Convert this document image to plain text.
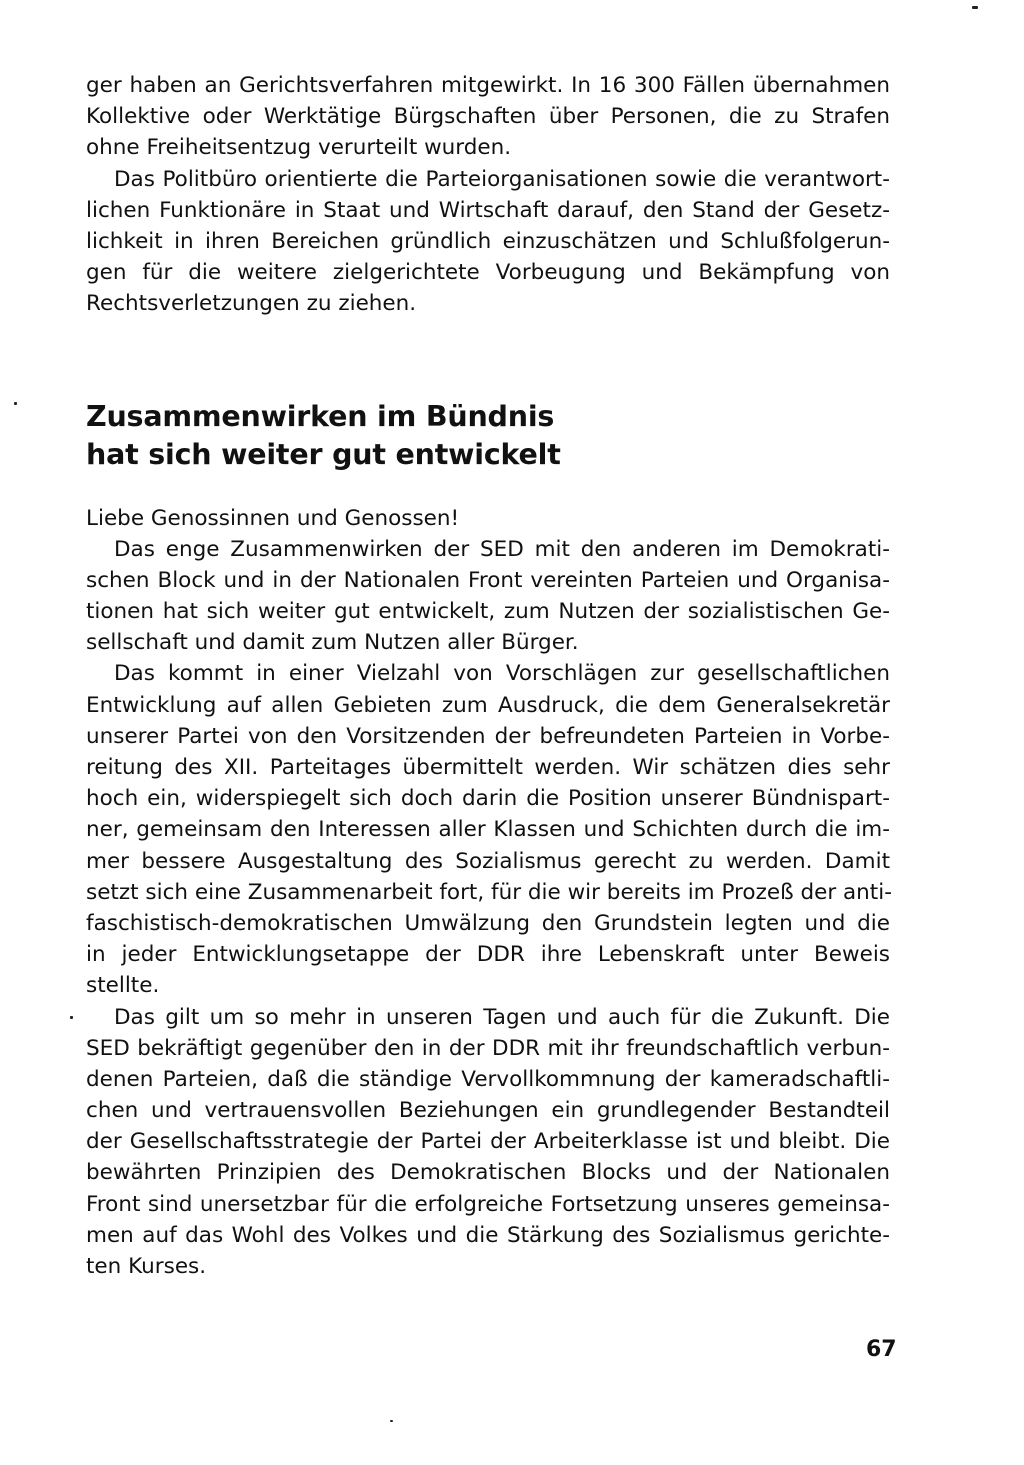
ger haben an Gerichtsverfahren mitgewirkt. In 16 300 Fällen übernahmen
Kollektive oder Werktätige Bürgschaften über Personen, die zu Strafen
ohne Freiheitsentzug verurteilt wurden.

Das Politbüro orientierte die Parteiorganisationen sowie die verantwort-
lichen Funktionäre in Staat und Wirtschaft darauf, den Stand der Gesetz-
lichkeit in ihren Bereichen gründlich einzuschätzen und Schlußfolgerun-
gen für die weitere zielgerichtete Vorbeugung und Bekämpfung von
Rechtsverletzungen zu ziehen.

Zusammenwirken im Bündnis
hat sich weiter gut entwickelt

Liebe Genossinnen und Genossen!

Das enge Zusammenwirken der SED mit den anderen im Demokrati-
schen Block und in der Nationalen Front vereinten Parteien und Organisa-
tionen hat sich weiter gut entwickelt, zum Nutzen der sozialistischen Ge-
sellschaft und damit zum Nutzen aller Bürger.

Das kommt in einer Vielzahl von Vorschlägen zur gesellschaftlichen
Entwicklung auf allen Gebieten zum Ausdruck, die dem Generalsekretär
unserer Partei von den Vorsitzenden der befreundeten Parteien in Vorbe-
reitung des XII. Parteitages übermittelt werden. Wir schätzen dies sehr
hoch ein, widerspiegelt sich doch darin die Position unserer Bündnispart-
ner, gemeinsam den Interessen aller Klassen und Schichten durch die im-
mer bessere Ausgestaltung des Sozialismus gerecht zu werden. Damit
setzt sich eine Zusammenarbeit fort, für die wir bereits im Prozeß der anti-
faschistisch-demokratischen Umwälzung den Grundstein legten und die
in jeder Entwicklungsetappe der DDR ihre Lebenskraft unter Beweis
stellte.

Das gilt um so mehr in unseren Tagen und auch für die Zukunft. Die
SED bekräftigt gegenüber den in der DDR mit ihr freundschaftlich verbun-
denen Parteien, daß die ständige Vervollkommnung der kameradschaftli-
chen und vertrauensvollen Beziehungen ein grundlegender Bestandteil
der Gesellschaftsstrategie der Partei der Arbeiterklasse ist und bleibt. Die
bewährten Prinzipien des Demokratischen Blocks und der Nationalen
Front sind unersetzbar für die erfolgreiche Fortsetzung unseres gemeinsa-
men auf das Wohl des Volkes und die Stärkung des Sozialismus gerichte-
ten Kurses.

67
